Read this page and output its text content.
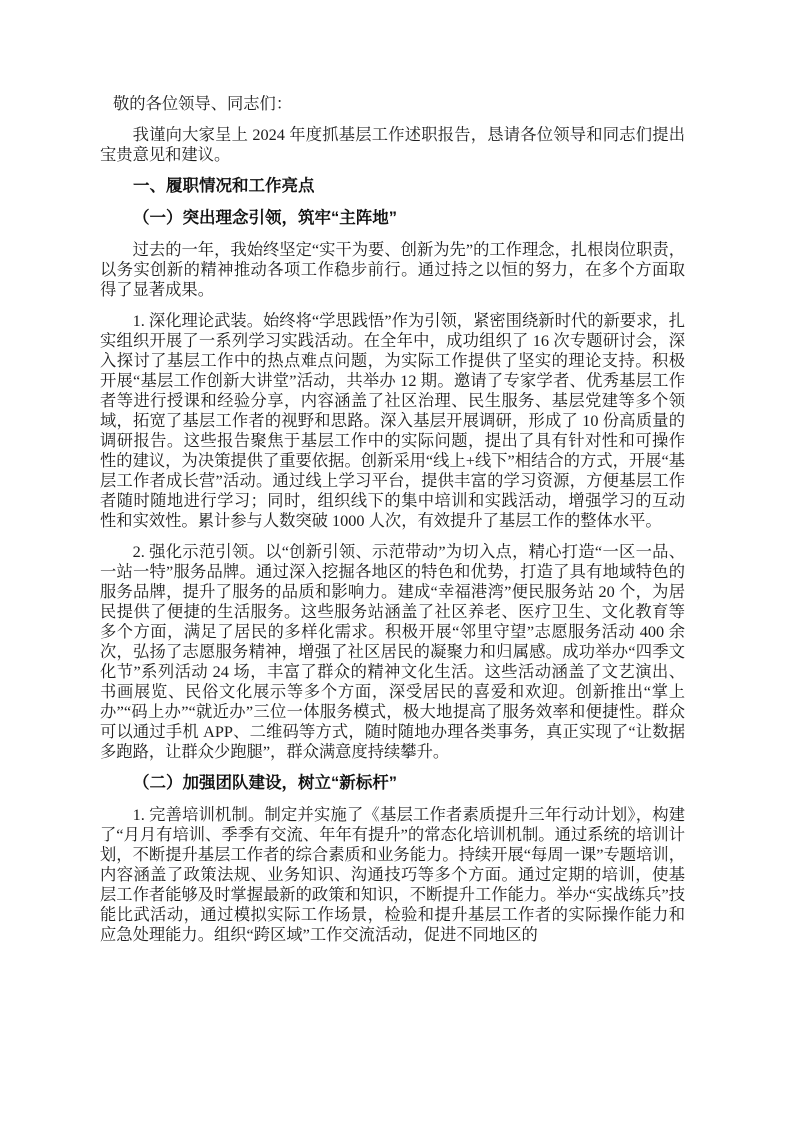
敬的各位领导、同志们：

我谨向大家呈上 2024 年度抓基层工作述职报告，恳请各位领导和同志们提出宝贵意见和建议。

一、履职情况和工作亮点
（一）突出理念引领，筑牢“主阵地”

过去的一年，我始终坚定“实干为要、创新为先”的工作理念，扎根岗位职责，以务实创新的精神推动各项工作稳步前行。通过持之以恒的努力，在多个方面取得了显著成果。

1. 深化理论武装。始终将“学思践悟”作为引领，紧密围绕新时代的新要求，扎实组织开展了一系列学习实践活动。在全年中，成功组织了 16 次专题研讨会，深入探讨了基层工作中的热点难点问题，为实际工作提供了坚实的理论支持。积极开展“基层工作创新大讲堂”活动，共举办 12 期。邀请了专家学者、优秀基层工作者等进行授课和经验分享，内容涵盖了社区治理、民生服务、基层党建等多个领域，拓宽了基层工作者的视野和思路。深入基层开展调研，形成了 10 份高质量的调研报告。这些报告聚焦于基层工作中的实际问题，提出了具有针对性和可操作性的建议，为决策提供了重要依据。创新采用“线上+线下”相结合的方式，开展“基层工作者成长营”活动。通过线上学习平台，提供丰富的学习资源，方便基层工作者随时随地进行学习；同时，组织线下的集中培训和实践活动，增强学习的互动性和实效性。累计参与人数突破 1000 人次，有效提升了基层工作的整体水平。

2. 强化示范引领。以“创新引领、示范带动”为切入点，精心打造“一区一品、一站一特”服务品牌。通过深入挖掘各地区的特色和优势，打造了具有地域特色的服务品牌，提升了服务的品质和影响力。建成“幸福港湾”便民服务站 20 个，为居民提供了便捷的生活服务。这些服务站涵盖了社区养老、医疗卫生、文化教育等多个方面，满足了居民的多样化需求。积极开展“邻里守望”志愿服务活动 400 余次，弘扬了志愿服务精神，增强了社区居民的凝聚力和归属感。成功举办“四季文化节”系列活动 24 场，丰富了群众的精神文化生活。这些活动涵盖了文艺演出、书画展览、民俗文化展示等多个方面，深受居民的喜爱和欢迎。创新推出“掌上办”“码上办”“就近办”三位一体服务模式，极大地提高了服务效率和便捷性。群众可以通过手机 APP、二维码等方式，随时随地办理各类事务，真正实现了“让数据多跑路，让群众少跑腿”，群众满意度持续攀升。

（二）加强团队建设，树立“新标杆”

1. 完善培训机制。制定并实施了《基层工作者素质提升三年行动计划》，构建了“月月有培训、季季有交流、年年有提升”的常态化培训机制。通过系统的培训计划，不断提升基层工作者的综合素质和业务能力。持续开展“每周一课”专题培训，内容涵盖了政策法规、业务知识、沟通技巧等多个方面。通过定期的培训，使基层工作者能够及时掌握最新的政策和知识，不断提升工作能力。举办“实战练兵”技能比武活动，通过模拟实际工作场景，检验和提升基层工作者的实际操作能力和应急处理能力。组织“跨区域”工作交流活动，促进不同地区的
